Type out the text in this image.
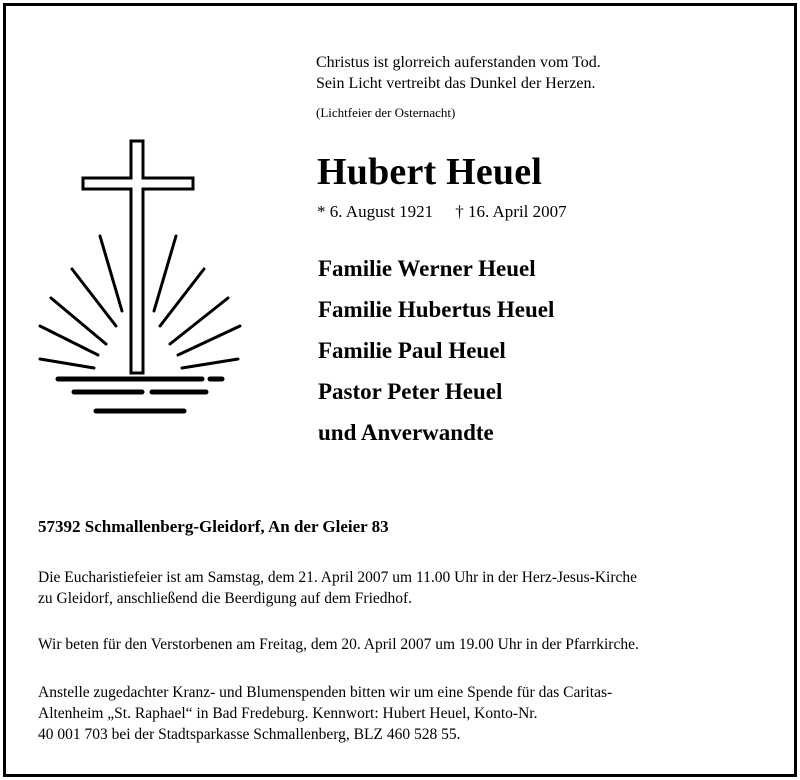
Christus ist glorreich auferstanden vom Tod.
Sein Licht vertreibt das Dunkel der Herzen.
(Lichtfeier der Osternacht)
Hubert Heuel
* 6. August 1921 † 16. April 2007
Familie Werner Heuel
Familie Hubertus Heuel
Familie Paul Heuel
Pastor Peter Heuel
und Anverwandte
57392 Schmallenberg-Gleidorf, An der Gleier 83
Die Eucharistiefeier ist am Samstag, dem 21. April 2007 um 11.00 Uhr in der Herz-Jesus-Kirche
zu Gleidorf, anschließend die Beerdigung auf dem Friedhof.
Wir beten für den Verstorbenen am Freitag, dem 20. April 2007 um 19.00 Uhr in der Pfarrkirche.
Anstelle zugedachter Kranz- und Blumenspenden bitten wir um eine Spende für das Caritas-
Altenheim „St. Raphael“ in Bad Fredeburg. Kennwort: Hubert Heuel, Konto-Nr.
40 001 703 bei der Stadtsparkasse Schmallenberg, BLZ 460 528 55.
